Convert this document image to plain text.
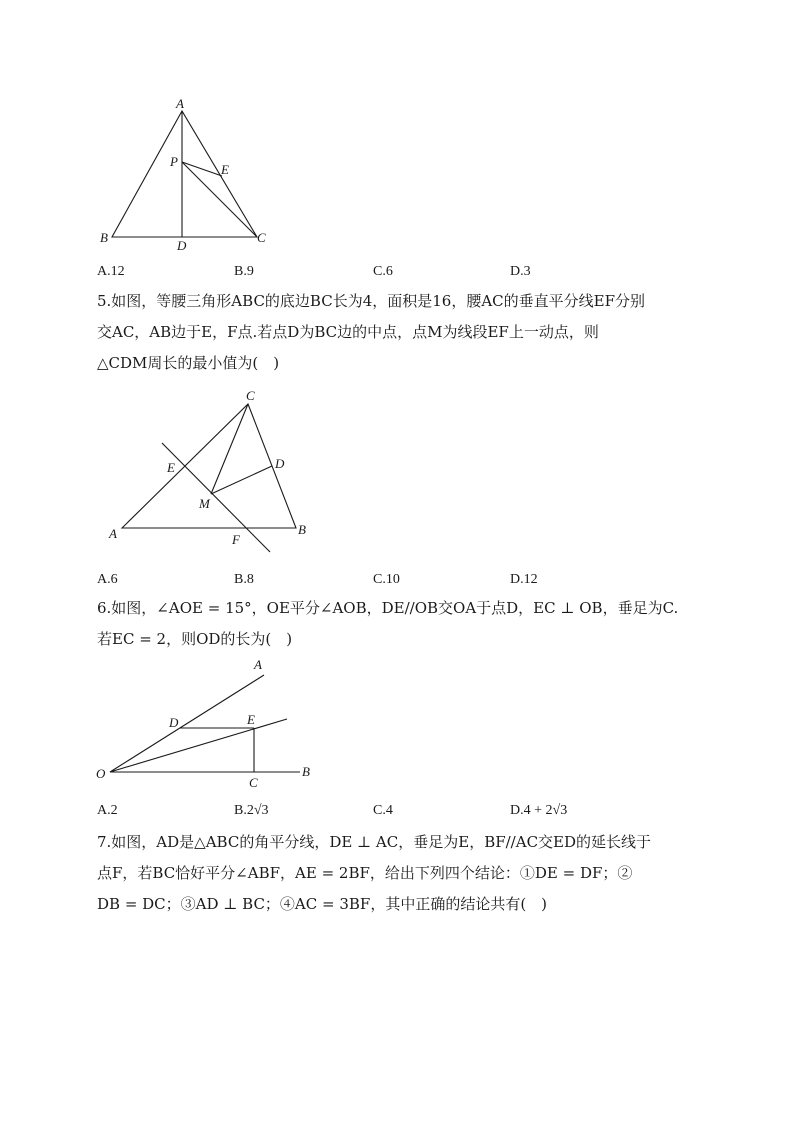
A
P
E
B
D
C
A.12	B.9	C.6	D.3
5.如图，等腰三角形ABC的底边BC长为4，面积是16，腰AC的垂直平分线EF分别
交AC，AB边于E，F点.若点D为BC边的中点，点M为线段EF上一动点，则
△CDM周长的最小值为(　)
C
E	D
M
A	B
F
A.6	B.8	C.10	D.12
6.如图，∠AOE = 15°，OE平分∠AOB，DE//OB交OA于点D，EC ⊥ OB，垂足为C.
若EC = 2，则OD的长为(　)
A
D	E
O
C
B
A.2	B.2√3	C.4	D.4 + 2√3
7.如图，AD是△ABC的角平分线，DE ⊥ AC，垂足为E，BF//AC交ED的延长线于
点F，若BC恰好平分∠ABF，AE = 2BF，给出下列四个结论：①DE = DF；②
DB = DC；③AD ⊥ BC；④AC = 3BF，其中正确的结论共有(　)
